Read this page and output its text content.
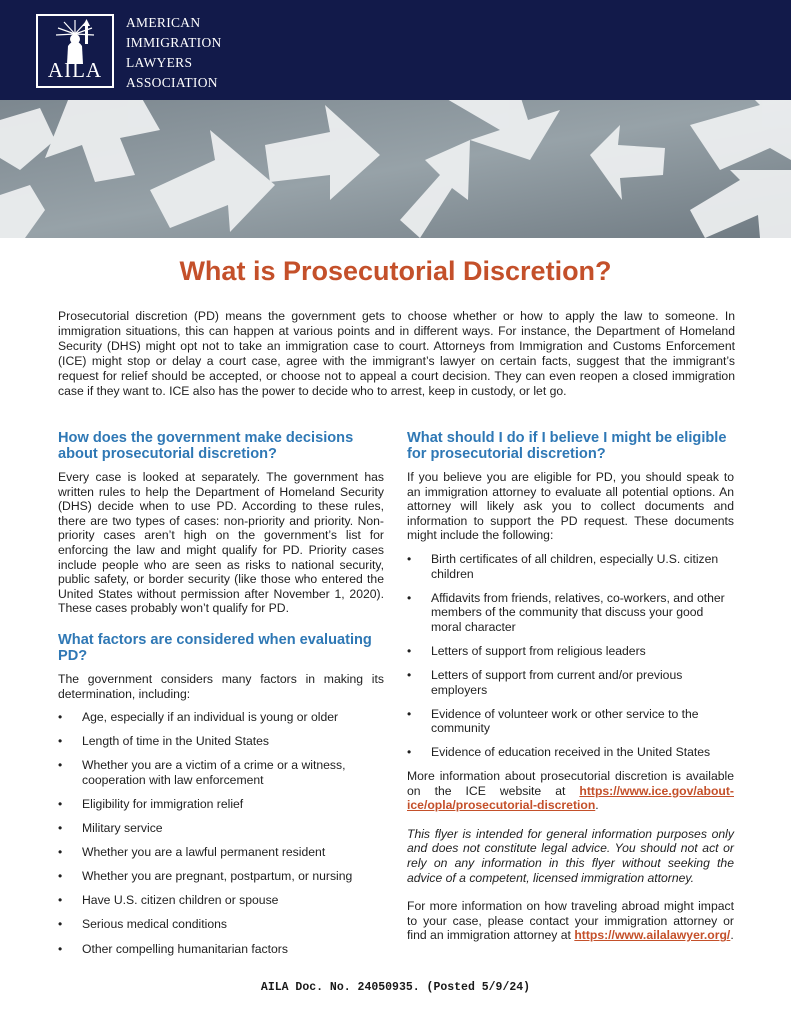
AILA
AMERICAN
IMMIGRATION
LAWYERS
ASSOCIATION
What is Prosecutorial Discretion?

Prosecutorial discretion (PD) means the government gets to choose whether or how to apply the law to someone. In immigration situations, this can happen at various points and in different ways. For instance, the Department of Homeland Security (DHS) might opt not to take an immigration case to court. Attorneys from Immigration and Customs Enforcement (ICE) might stop or delay a court case, agree with the immigrant’s lawyer on certain facts, suggest that the immigrant’s request for relief should be accepted, or choose not to appeal a court decision. They can even reopen a closed immigration case if they want to. ICE also has the power to decide who to arrest, keep in custody, or let go.

How does the government make decisions about prosecutorial discretion?

Every case is looked at separately. The government has written rules to help the Department of Homeland Security (DHS) decide when to use PD. According to these rules, there are two types of cases: non-priority and priority. Non-priority cases aren’t high on the government’s list for enforcing the law and might qualify for PD. Priority cases include people who are seen as risks to national security, public safety, or border security (like those who entered the United States without permission after November 1, 2020). These cases probably won’t qualify for PD.

What factors are considered when evaluating PD?

The government considers many factors in making its determination, including:

• Age, especially if an individual is young or older
• Length of time in the United States
• Whether you are a victim of a crime or a witness, cooperation with law enforcement
• Eligibility for immigration relief
• Military service
• Whether you are a lawful permanent resident
• Whether you are pregnant, postpartum, or nursing
• Have U.S. citizen children or spouse
• Serious medical conditions
• Other compelling humanitarian factors
What should I do if I believe I might be eligible for prosecutorial discretion?

If you believe you are eligible for PD, you should speak to an immigration attorney to evaluate all potential options. An attorney will likely ask you to collect documents and information to support the PD request. These documents might include the following:

• Birth certificates of all children, especially U.S. citizen children
• Affidavits from friends, relatives, co-workers, and other members of the community that discuss your good moral character
• Letters of support from religious leaders
• Letters of support from current and/or previous employers
• Evidence of volunteer work or other service to the community
• Evidence of education received in the United States

More information about prosecutorial discretion is available on the ICE website at https://www.ice.gov/about-ice/opla/prosecutorial-discretion.

This flyer is intended for general information purposes only and does not constitute legal advice. You should not act or rely on any information in this flyer without seeking the advice of a competent, licensed immigration attorney.

For more information on how traveling abroad might impact to your case, please contact your immigration attorney or find an immigration attorney at https://www.ailalawyer.org/.

AILA Doc. No. 24050935. (Posted 5/9/24)
